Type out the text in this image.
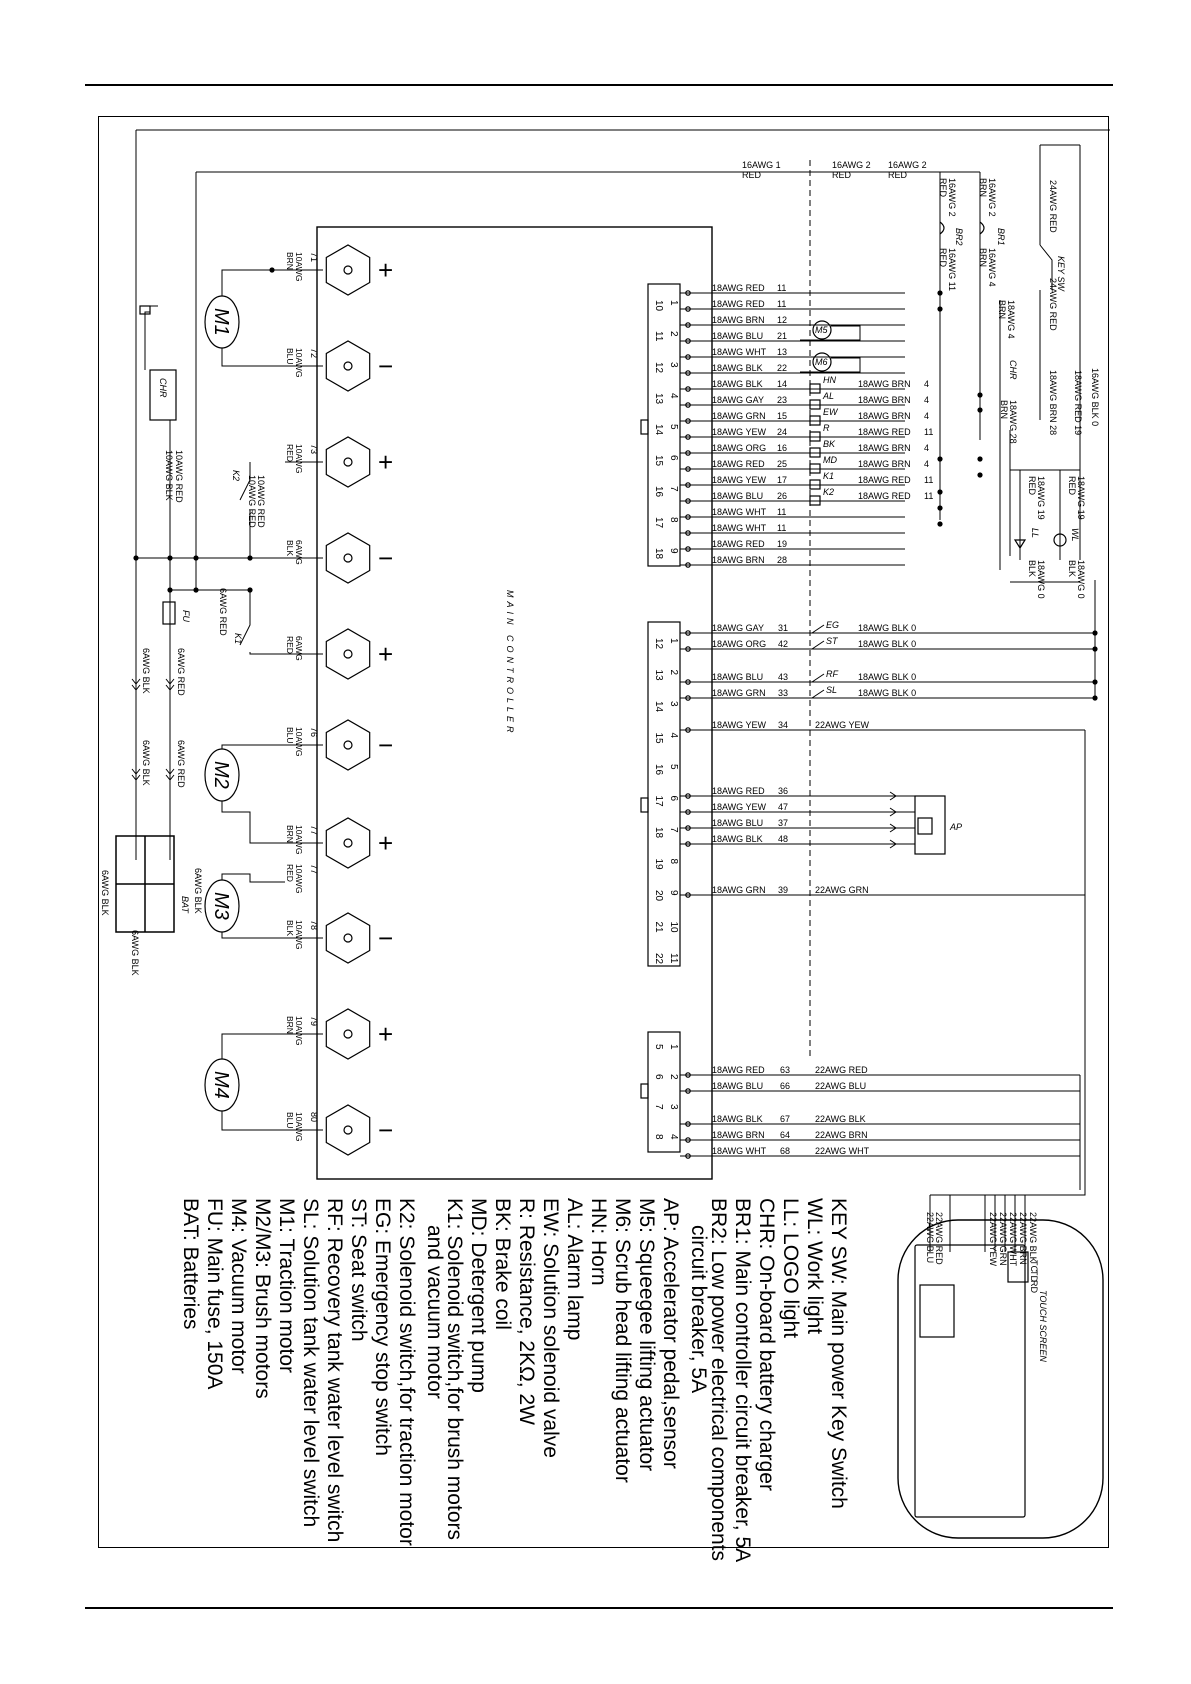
MAIN CONTROLLER
+
−
+
−
+
−
+
−
+
−
71
10AWG
BRN
72
10AWG
BLU
73
10AWG
RED
6AWG
BLK
6AWG
RED
76
10AWG
BLU
77
10AWG
BRN
77
10AWG
RED
78
10AWG
BLK
79
10AWG
BRN
80
10AWG
BLU
M1
M2
M3
M4
K2 10AWG RED
10AWG RED
K1
6AWG RED
FU
CHR
10AWG RED
10AWG BLK
6AWG RED
6AWG BLK
6AWG RED
6AWG BLK
BAT
6AWG BLK	6AWG BLK
6AWG BLK
10 1
11 2
12 3
13 4
14 5
15 6
16 7
17 8
18 9
18AWG RED 11
18AWG RED 11
18AWG BRN 12
18AWG BLU 21
18AWG WHT 13
18AWG BLK 22
18AWG BLK 14
18AWG GAY 23
18AWG GRN 15
18AWG YEW 24
18AWG ORG 16
18AWG RED 25
18AWG YEW 17
18AWG BLU 26
18AWG WHT 11
18AWG WHT 11
18AWG RED 19
18AWG BRN 28
HN 18AWG BRN 4
AL	18AWG BRN 4
EW 18AWG BRN 4
R	18AWG RED 11
BK	18AWG BRN 4
MD 18AWG BRN 4
K1	18AWG RED 11
K2	18AWG RED 11
M5
M6
16AWG 1
RED
16AWG 2
RED
16AWG 2
RED
16AWG 2
RED	16AWG 2
BRN
BR2	BR1
16AWG 11
RED	16AWG 4
BRN	KEY SW
24AWG RED
24AWG RED
18AWG 4
BRN
CHR
18AWG 28
BRN	18AWG BRN 28	16AWG BLK 0
18AWG RED 19
WL
LL
18AWG 19
RED	18AWG 19
RED
18AWG 0
BLK	18AWG 0
BLK
12 1
13 2
14 3
15 4
16 5
17 6
18 7
19 8
20 9
21 10
22 11
18AWG GAY 31	EG 18AWG BLK 0
18AWG ORG 42	ST 18AWG BLK 0
18AWG BLU 43	RF 18AWG BLK 0
18AWG GRN 33	SL 18AWG BLK 0
18AWG YEW 34	22AWG YEW
18AWG RED 36
18AWG YEW 47
18AWG BLU 37
18AWG BLK 48
18AWG GRN 39	22AWG GRN
AP
5 1
6 2
7 3
8 4
18AWG RED 63	22AWG RED
18AWG BLU 66	22AWG BLU
18AWG BLK 67	22AWG BLK
18AWG BRN 64	22AWG BRN
18AWG WHT 68	22AWG WHT
TOUCH SCREEN
TC
TD
RD
22AWG RED
22AWG BLU	22AWG YEW 22AWG GRN 22AWG WHT 22AWG BRN 22AWG BLK
KEY SW: Main power Key Switch
WL: Work light
LL: LOGO light
CHR: On-board battery charger
BR1: Main controller circuit breaker, 5A
BR2: Low power electrical components
circuit breaker, 5A
AP: Accelerator pedal,sensor
M5: Squeegee lifting actuator
M6: Scrub head lifting actuator
HN: Horn
AL: Alarm lamp
EW: Solution solenoid valve
R: Resistance, 2KΩ, 2W
BK: Brake coil
MD: Detergent pump
K1: Solenoid switch,for brush motors
and vacuum motor
K2: Solenoid switch,for traction motor
EG: Emergency stop switch
ST: Seat switch
RF: Recovery tank water level switch
SL: Solution tank water level switch
M1: Traction motor
M2/M3: Brush motors
M4: Vacuum motor
FU: Main fuse, 150A
BAT: Batteries
